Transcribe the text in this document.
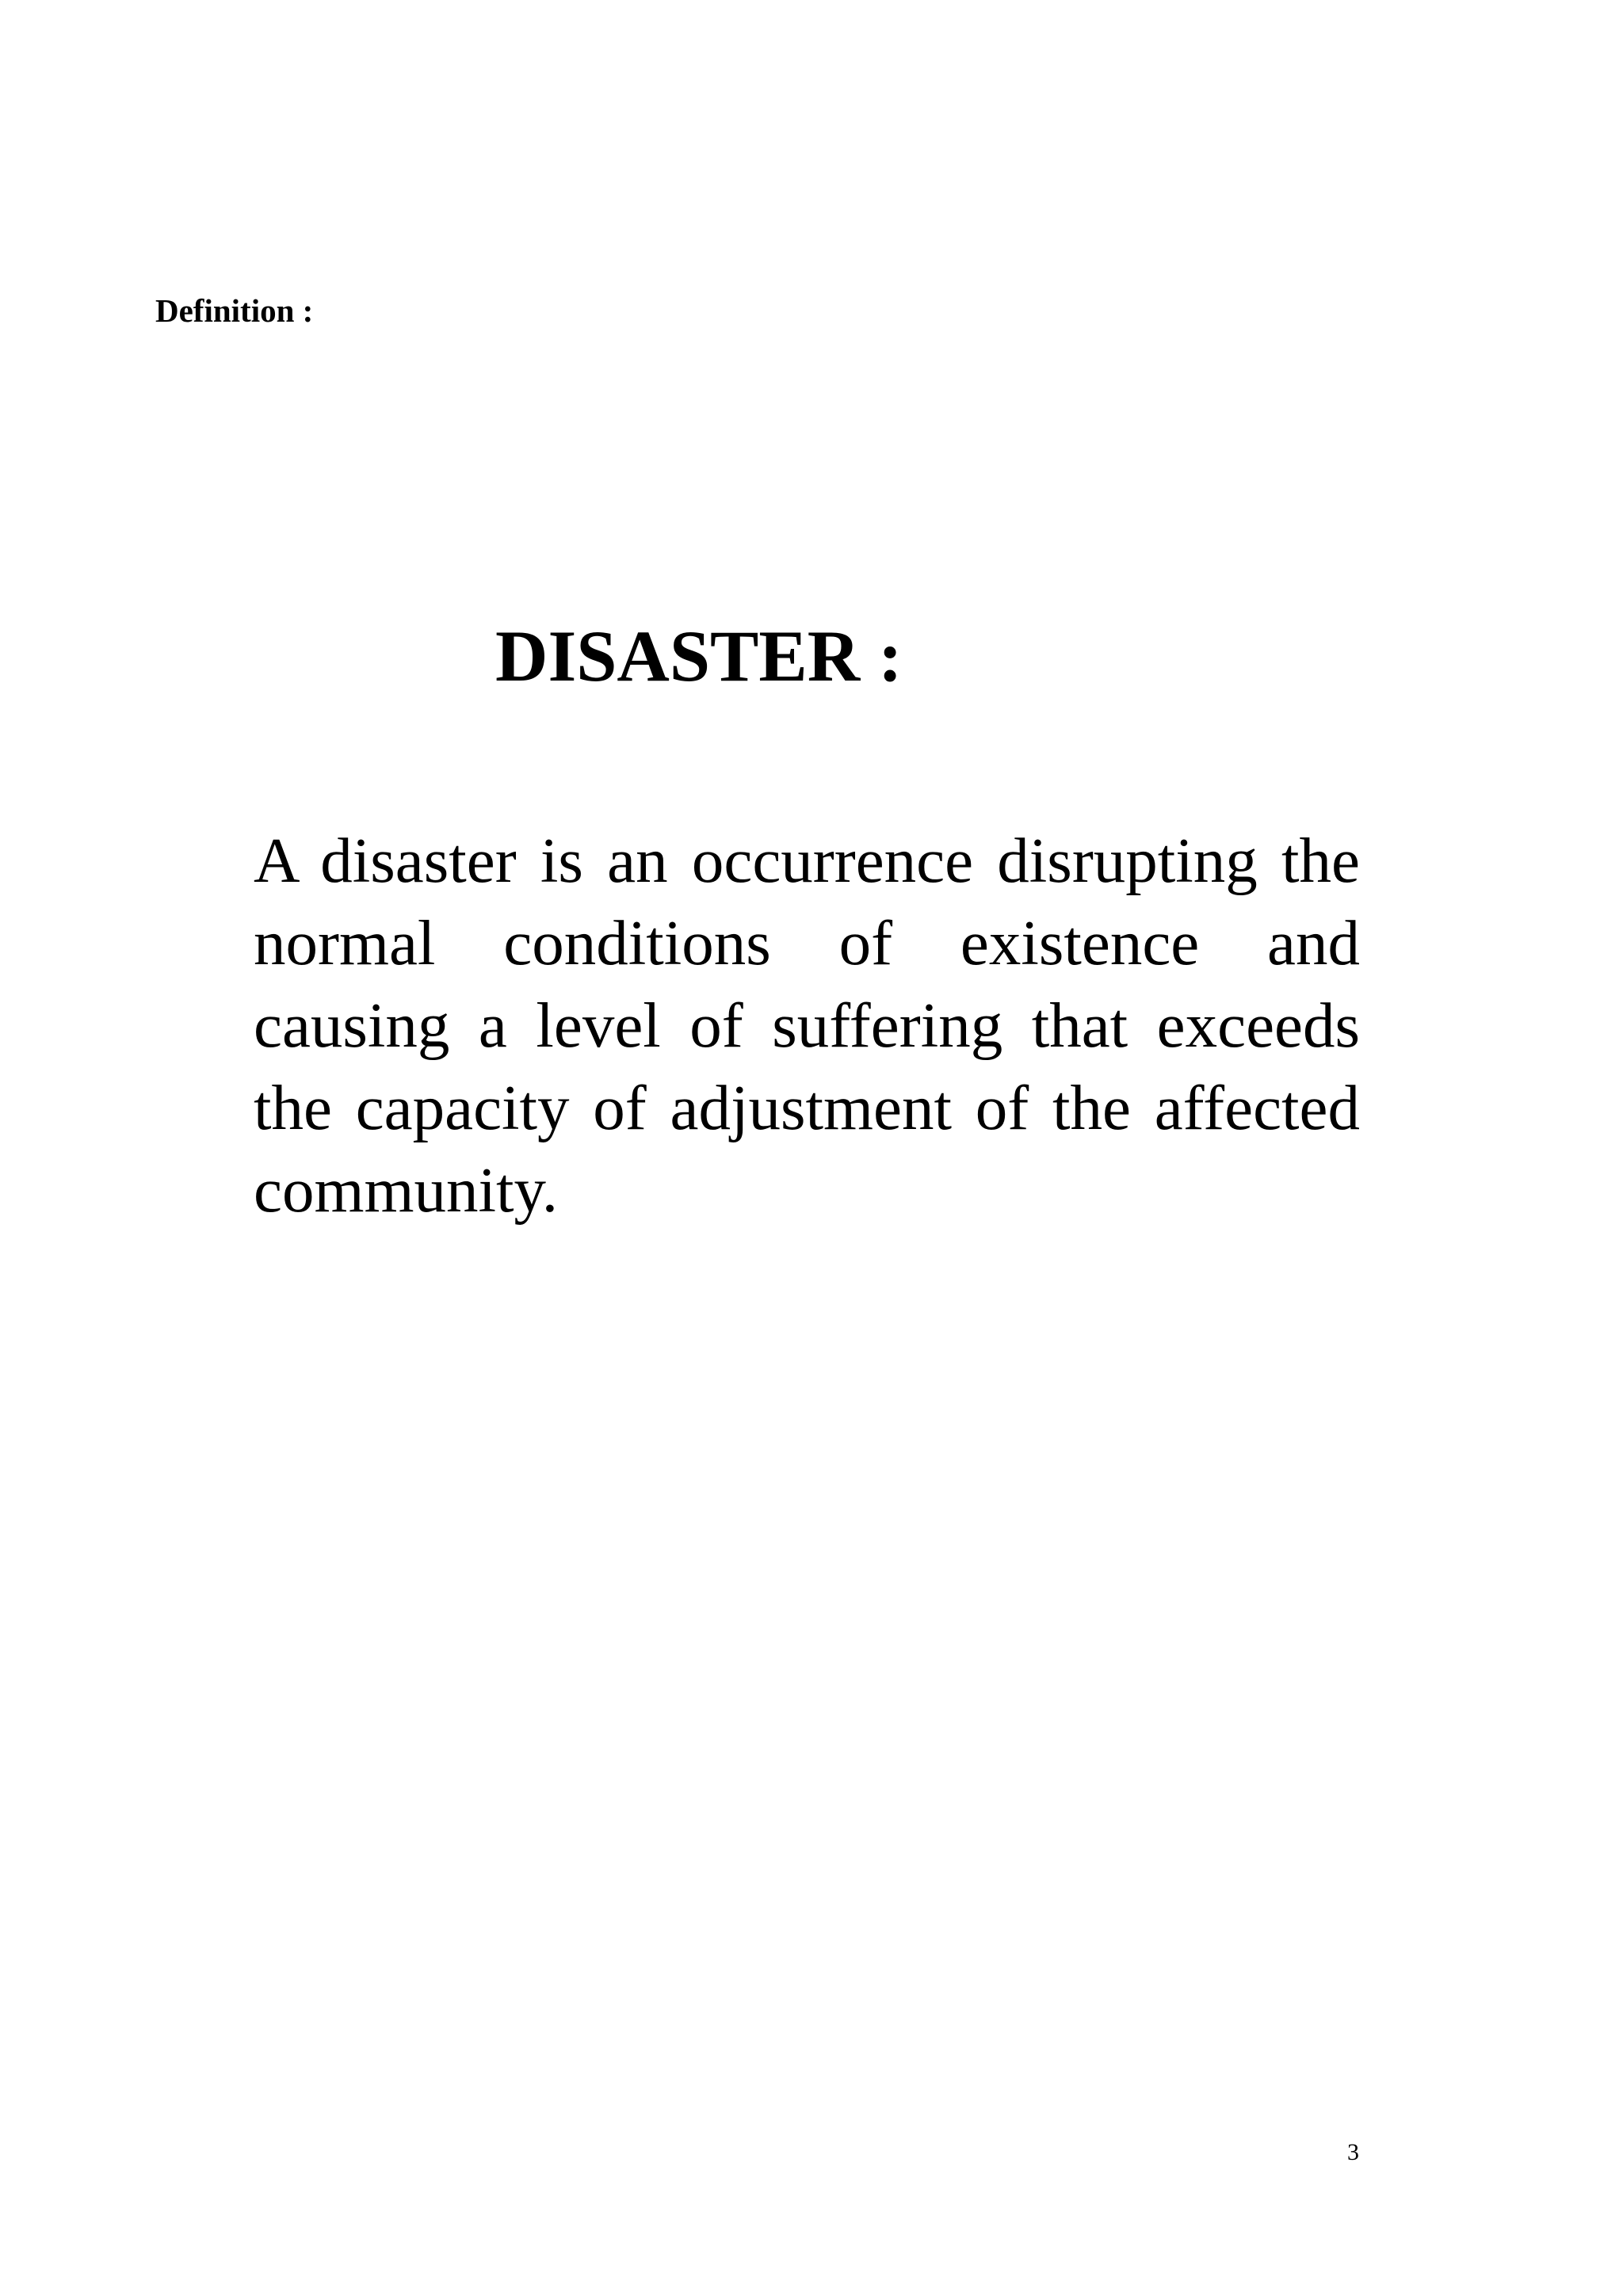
Definition :
DISASTER :

A disaster is an occurrence disrupting the normal conditions of existence and causing a level of suffering that exceeds the capacity of adjustment of the affected community.

3
